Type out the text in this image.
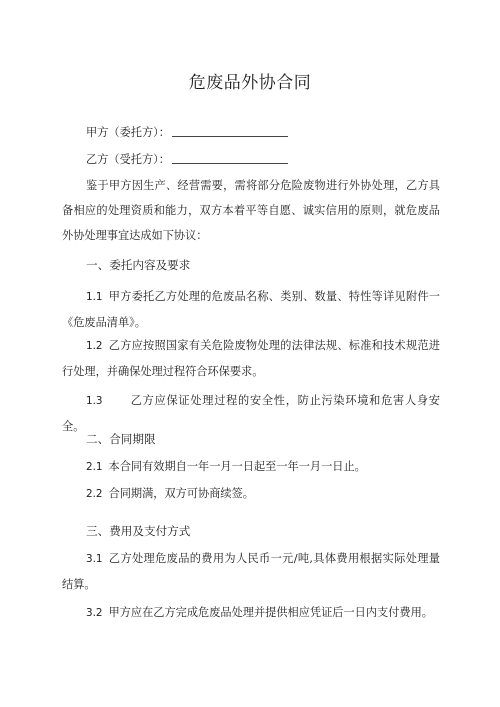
危废品外协合同
甲方（委托方）：
乙方（受托方）：
鉴于甲方因生产、经营需要，需将部分危险废物进行外协处理，乙方具备相应的处理资质和能力，双方本着平等自愿、诚实信用的原则，就危废品外协处理事宜达成如下协议：
一、委托内容及要求
1.1 甲方委托乙方处理的危废品名称、类别、数量、特性等详见附件一《危废品清单》。
1.2 乙方应按照国家有关危险废物处理的法律法规、标准和技术规范进行处理，并确保处理过程符合环保要求。
1.3 乙方应保证处理过程的安全性，防止污染环境和危害人身安全。
二、合同期限
2.1 本合同有效期自一年一月一日起至一年一月一日止。
2.2 合同期满，双方可协商续签。
三、费用及支付方式
3.1 乙方处理危废品的费用为人民币一元/吨,具体费用根据实际处理量结算。
3.2 甲方应在乙方完成危废品处理并提供相应凭证后一日内支付费用。
